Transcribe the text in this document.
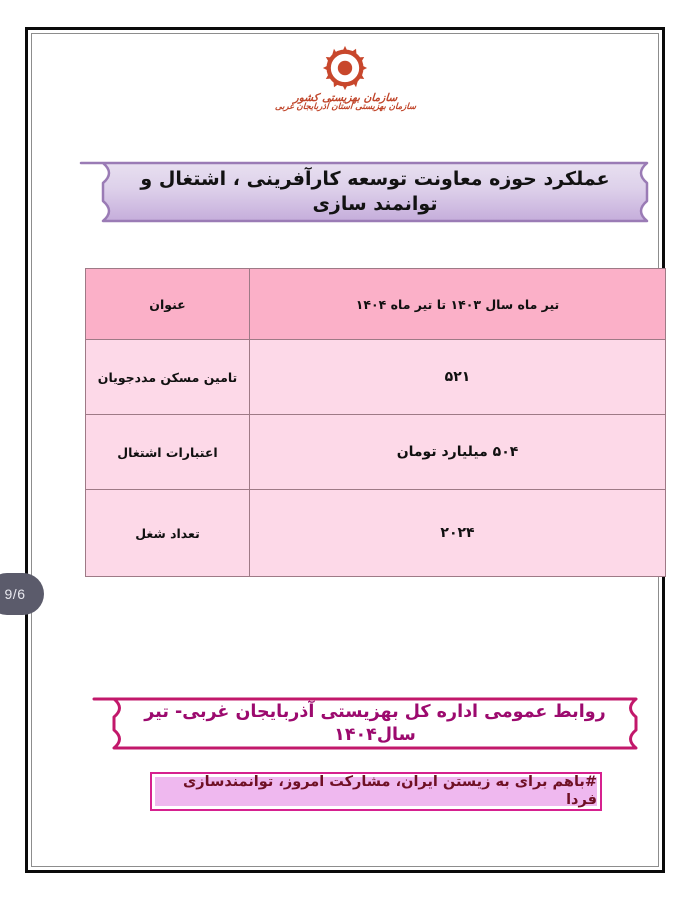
سازمان بهزیستی کشور
سازمان بهزیستی استان آذربایجان غربی
عملکرد حوزه معاونت توسعه کارآفرینی ، اشتغال و توانمند سازی
تیر ماه سال ۱۴۰۳ تا تیر ماه ۱۴۰۴	عنوان
۵۲۱	تامین مسکن مددجویان
۵۰۴ میلیارد تومان	اعتبارات اشتغال
۲۰۲۴	تعداد شغل
روابط عمومی اداره کل بهزیستی آذربایجان غربی- تیر سال۱۴۰۴
#باهم برای به زیستن ایران، مشارکت امروز، توانمندسازی فردا
9/6
